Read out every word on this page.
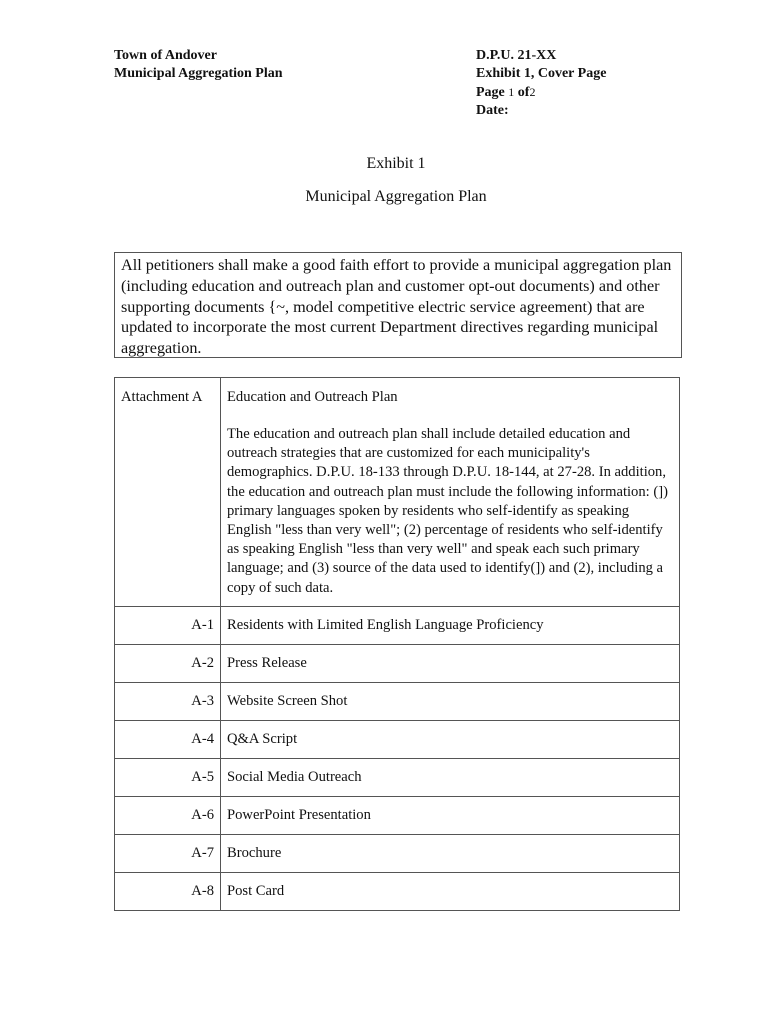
Town of Andover
Municipal Aggregation Plan
D.P.U. 21-XX
Exhibit 1, Cover Page
Page 1 of2
Date:
Exhibit 1
Municipal Aggregation Plan
All petitioners shall make a good faith effort to provide a municipal aggregation plan (including education and outreach plan and customer opt-out documents) and other supporting documents {~, model competitive electric service agreement) that are updated to incorporate the most current Department directives regarding municipal aggregation.
Attachment A	Education and Outreach Plan
The education and outreach plan shall include detailed education and outreach strategies that are customized for each municipality's demographics. D.P.U. 18-133 through D.P.U. 18-144, at 27-28. In addition, the education and outreach plan must include the following information: (]) primary languages spoken by residents who self-identify as speaking English "less than very well"; (2) percentage of residents who self-identify as speaking English "less than very well" and speak each such primary language; and (3) source of the data used to identify(]) and (2), including a copy of such data.

A-1	Residents with Limited English Language Proficiency
A-2	Press Release
A-3	Website Screen Shot
A-4	Q&A Script
A-5	Social Media Outreach
A-6	PowerPoint Presentation
A-7	Brochure
A-8	Post Card
